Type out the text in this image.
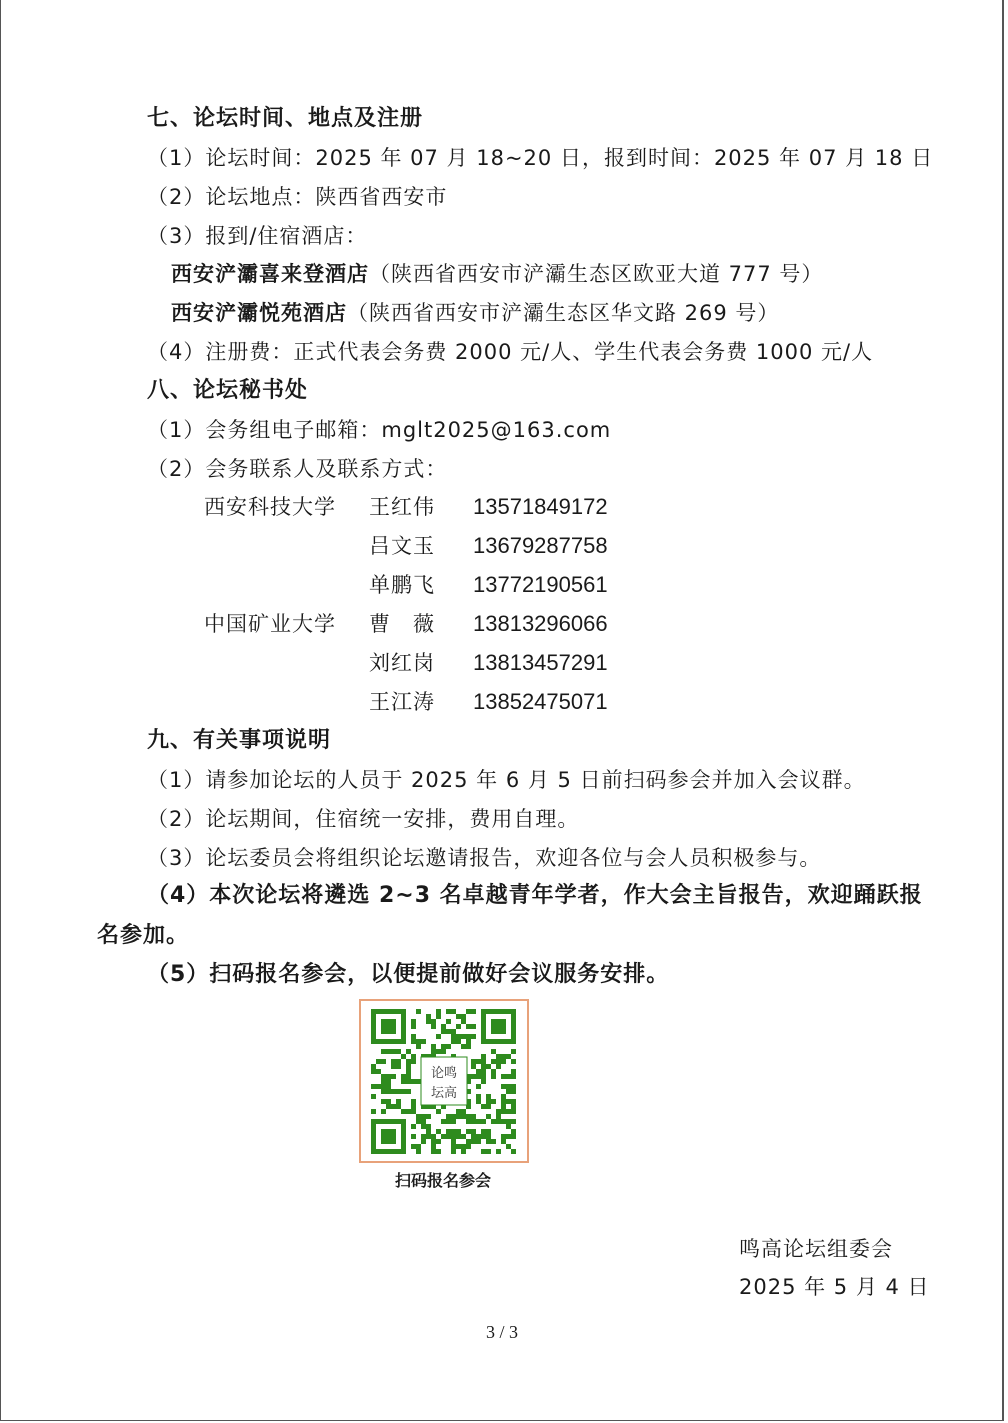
七、论坛时间、地点及注册
（1）论坛时间：2025 年 07 月 18~20 日，报到时间：2025 年 07 月 18 日
（2）论坛地点：陕西省西安市
（3）报到/住宿酒店：
西安浐灞喜来登酒店（陕西省西安市浐灞生态区欧亚大道 777 号）
西安浐灞悦苑酒店（陕西省西安市浐灞生态区华文路 269 号）
（4）注册费：正式代表会务费 2000 元/人、学生代表会务费 1000 元/人
八、论坛秘书处
（1）会务组电子邮箱：mglt2025@163.com
（2）会务联系人及联系方式：
西安科技大学 王红伟 13571849172
吕文玉 13679287758
单鹏飞 13772190561
中国矿业大学 曹　薇 13813296066
刘红岗 13813457291
王江涛 13852475071
九、有关事项说明
（1）请参加论坛的人员于 2025 年 6 月 5 日前扫码参会并加入会议群。
（2）论坛期间，住宿统一安排，费用自理。
（3）论坛委员会将组织论坛邀请报告，欢迎各位与会人员积极参与。
（4）本次论坛将遴选 2~3 名卓越青年学者，作大会主旨报告，欢迎踊跃报
名参加。
（5）扫码报名参会，以便提前做好会议服务安排。
论鸣
坛高
扫码报名参会
鸣高论坛组委会
2025 年 5 月 4 日
3 / 3
